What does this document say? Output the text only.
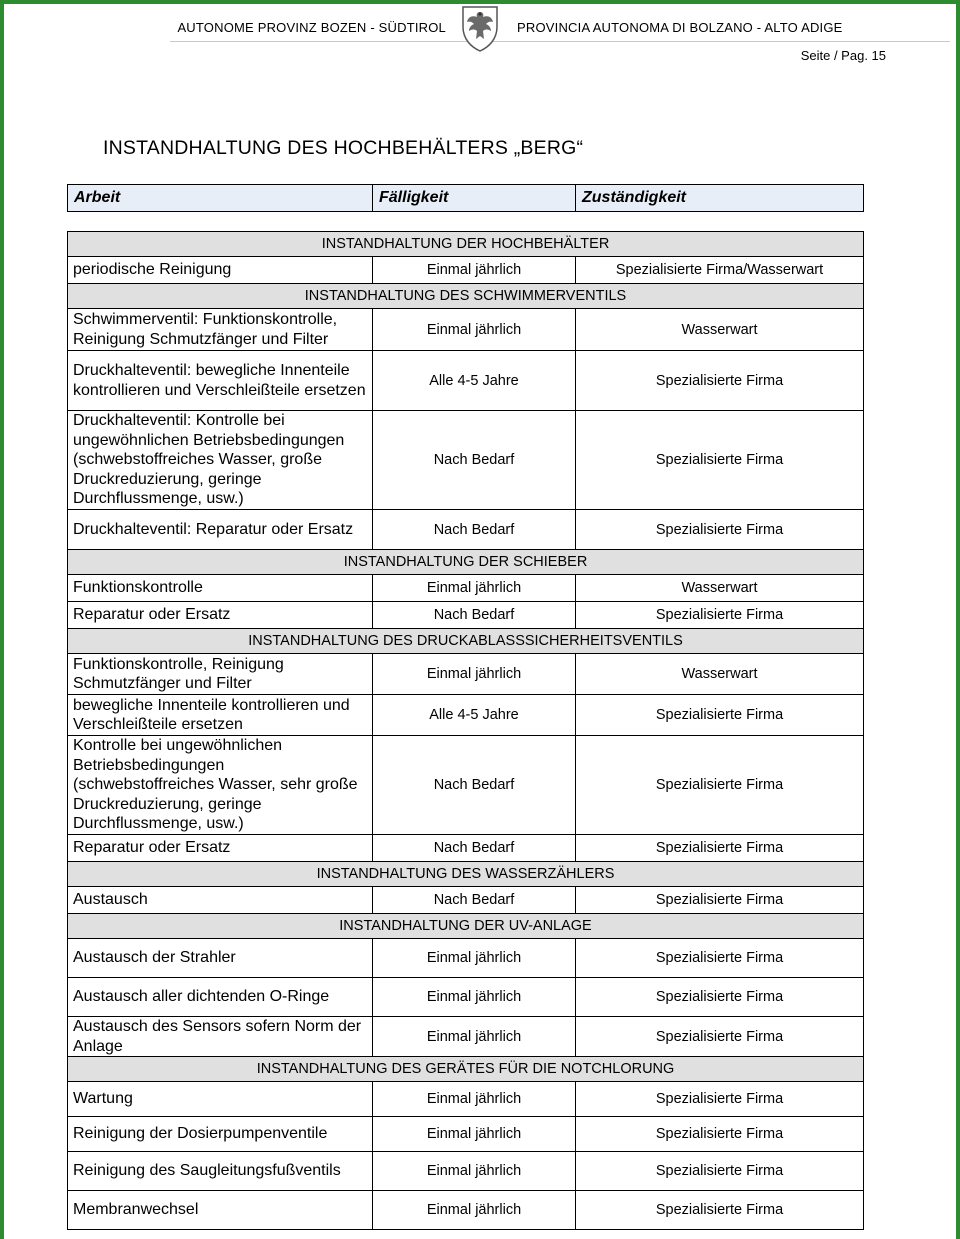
AUTONOME PROVINZ BOZEN - SÜDTIROL	PROVINCIA AUTONOMA DI BOLZANO - ALTO ADIGE
Seite / Pag. 15
INSTANDHALTUNG DES HOCHBEHÄLTERS „BERG“
Arbeit	Fälligkeit	Zuständigkeit
INSTANDHALTUNG DER HOCHBEHÄLTER		
periodische Reinigung	Einmal jährlich	Spezialisierte Firma/Wasserwart
INSTANDHALTUNG DES SCHWIMMERVENTILS		
Schwimmerventil: Funktionskontrolle, Reinigung Schmutzfänger und Filter	Einmal jährlich	Wasserwart
Druckhalteventil: bewegliche Innenteile kontrollieren und Verschleißteile ersetzen	Alle 4-5 Jahre	Spezialisierte Firma
Druckhalteventil: Kontrolle bei ungewöhnlichen Betriebsbedingungen (schwebstoffreiches Wasser, große Druckreduzierung, geringe Durchflussmenge, usw.)	Nach Bedarf	Spezialisierte Firma
Druckhalteventil: Reparatur oder Ersatz	Nach Bedarf	Spezialisierte Firma
INSTANDHALTUNG DER SCHIEBER		
Funktionskontrolle	Einmal jährlich	Wasserwart
Reparatur oder Ersatz	Nach Bedarf	Spezialisierte Firma
INSTANDHALTUNG DES DRUCKABLASSSICHERHEITSVENTILS		
Funktionskontrolle, Reinigung Schmutzfänger und Filter	Einmal jährlich	Wasserwart
bewegliche Innenteile kontrollieren und Verschleißteile ersetzen	Alle 4-5 Jahre	Spezialisierte Firma
Kontrolle bei ungewöhnlichen Betriebsbedingungen (schwebstoffreiches Wasser, sehr große Druckreduzierung, geringe Durchflussmenge, usw.)	Nach Bedarf	Spezialisierte Firma
Reparatur oder Ersatz	Nach Bedarf	Spezialisierte Firma
INSTANDHALTUNG DES WASSERZÄHLERS		
Austausch	Nach Bedarf	Spezialisierte Firma
INSTANDHALTUNG DER UV-ANLAGE		
Austausch der Strahler	Einmal jährlich	Spezialisierte Firma
Austausch aller dichtenden O-Ringe	Einmal jährlich	Spezialisierte Firma
Austausch des Sensors sofern Norm der Anlage	Einmal jährlich	Spezialisierte Firma
INSTANDHALTUNG DES GERÄTES FÜR DIE NOTCHLORUNG		
Wartung	Einmal jährlich	Spezialisierte Firma
Reinigung der Dosierpumpenventile	Einmal jährlich	Spezialisierte Firma
Reinigung des Saugleitungsfußventils	Einmal jährlich	Spezialisierte Firma
Membranwechsel	Einmal jährlich	Spezialisierte Firma
